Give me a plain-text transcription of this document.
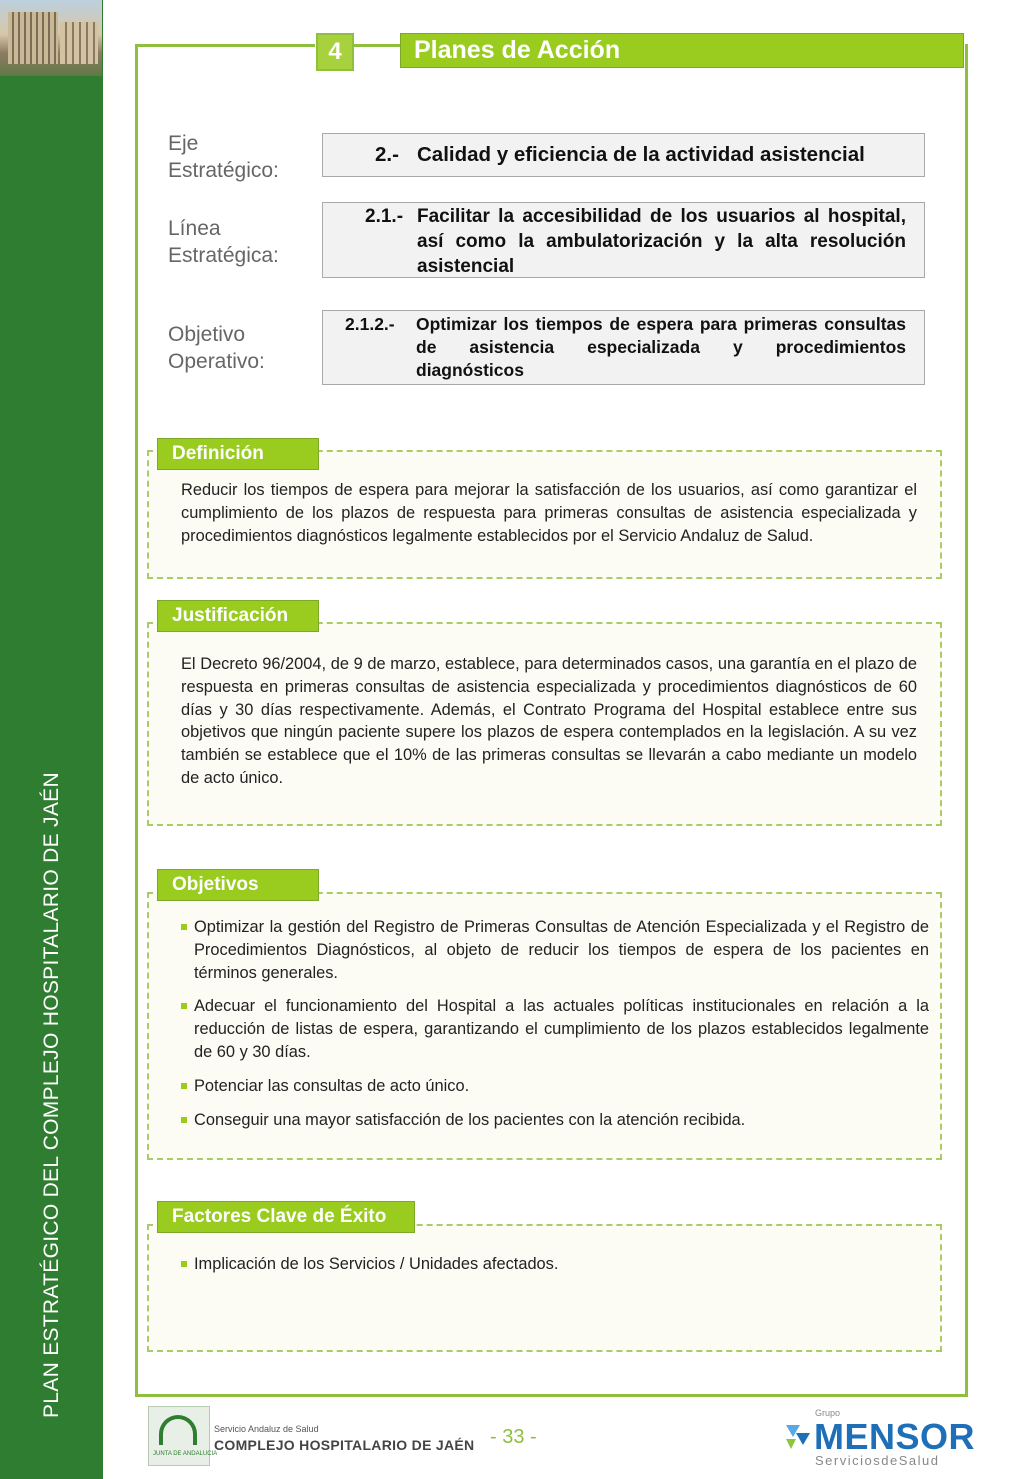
PLAN ESTRATÉGICO DEL COMPLEJO HOSPITALARIO DE JAÉN
4	Planes de Acción
Eje Estratégico:
2.- Calidad y eficiencia de la actividad asistencial
Línea Estratégica:
2.1.- Facilitar la accesibilidad de los usuarios al hospital, así como la ambulatorización y la alta resolución asistencial
Objetivo Operativo:
2.1.2.-	Optimizar los tiempos de espera para primeras consultas de asistencia especializada y procedimientos diagnósticos
Definición
Reducir los tiempos de espera para mejorar la satisfacción de los usuarios, así como garantizar el cumplimiento de los plazos de respuesta para primeras consultas de asistencia especializada y procedimientos diagnósticos legalmente establecidos por el Servicio Andaluz de Salud.
Justificación
El Decreto 96/2004, de 9 de marzo, establece, para determinados casos, una garantía en el plazo de respuesta en primeras consultas de asistencia especializada y procedimientos diagnósticos de 60 días y 30 días respectivamente. Además, el Contrato Programa del Hospital establece entre sus objetivos que ningún paciente supere los plazos de espera contemplados en la legislación. A su vez también se establece que el 10% de las primeras consultas se llevarán a cabo mediante un modelo de acto único.
Objetivos
Optimizar la gestión del Registro de Primeras Consultas de Atención Especializada y el Registro de Procedimientos Diagnósticos, al objeto de reducir los tiempos de espera de los pacientes en términos generales.
Adecuar el funcionamiento del Hospital a las actuales políticas institucionales en relación a la reducción de listas de espera, garantizando el cumplimiento de los plazos establecidos legalmente de 60 y 30 días.
Potenciar las consultas de acto único.
Conseguir una mayor satisfacción de los pacientes con la atención recibida.
Factores Clave de Éxito
Implicación de los Servicios / Unidades afectados.
JUNTA DE ANDALUCIA
Servicio Andaluz de Salud
COMPLEJO HOSPITALARIO DE JAÉN - 33 -
Grupo
MENSOR
ServiciosdeSalud
